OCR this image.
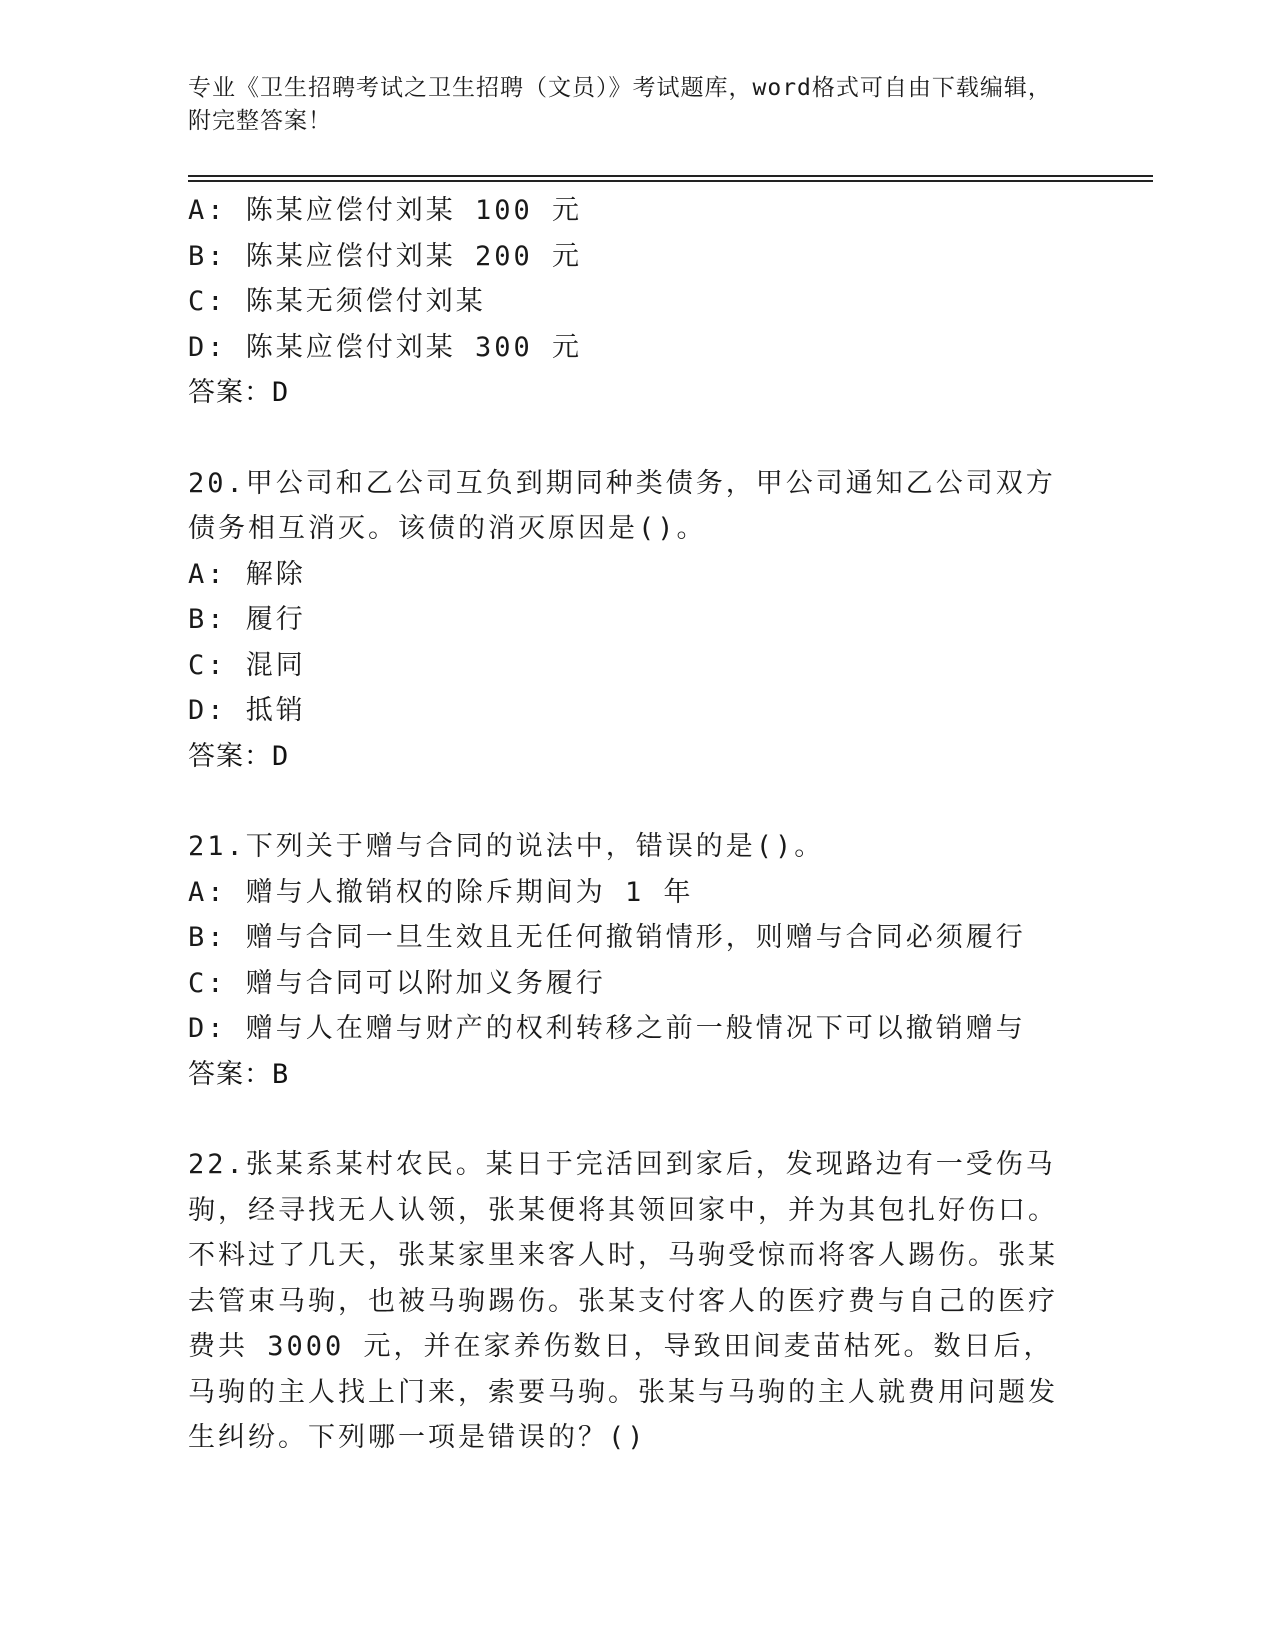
专业《卫生招聘考试之卫生招聘（文员）》考试题库，word格式可自由下载编辑，附完整答案！
A: 陈某应偿付刘某 100 元
B: 陈某应偿付刘某 200 元
C: 陈某无须偿付刘某
D: 陈某应偿付刘某 300 元
答案：D
20.甲公司和乙公司互负到期同种类债务，甲公司通知乙公司双方债务相互消灭。该债的消灭原因是()。
A: 解除
B: 履行
C: 混同
D: 抵销
答案：D
21.下列关于赠与合同的说法中，错误的是()。
A: 赠与人撤销权的除斥期间为 1 年
B: 赠与合同一旦生效且无任何撤销情形，则赠与合同必须履行
C: 赠与合同可以附加义务履行
D: 赠与人在赠与财产的权利转移之前一般情况下可以撤销赠与
答案：B
22.张某系某村农民。某日于完活回到家后，发现路边有一受伤马驹，经寻找无人认领，张某便将其领回家中，并为其包扎好伤口。不料过了几天，张某家里来客人时，马驹受惊而将客人踢伤。张某去管束马驹，也被马驹踢伤。张某支付客人的医疗费与自己的医疗费共 3000 元，并在家养伤数日，导致田间麦苗枯死。数日后，马驹的主人找上门来，索要马驹。张某与马驹的主人就费用问题发生纠纷。下列哪一项是错误的？()
